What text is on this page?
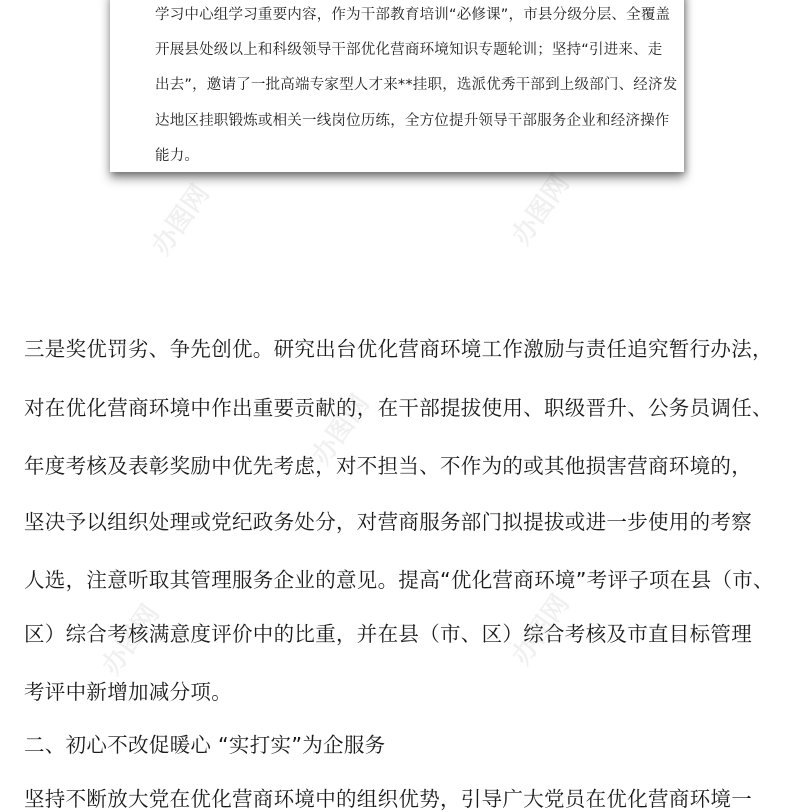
办图网	办图网
办图网
办图网	办图网
学习中心组学习重要内容，作为干部教育培训“必修课”，市县分级分层、全覆盖
开展县处级以上和科级领导干部优化营商环境知识专题轮训；坚持“引进来、走
出去”，邀请了一批高端专家型人才来**挂职，选派优秀干部到上级部门、经济发
达地区挂职锻炼或相关一线岗位历练，全方位提升领导干部服务企业和经济操作
能力。
三是奖优罚劣、争先创优。研究出台优化营商环境工作激励与责任追究暂行办法，
对在优化营商环境中作出重要贡献的，在干部提拔使用、职级晋升、公务员调任、
年度考核及表彰奖励中优先考虑，对不担当、不作为的或其他损害营商环境的，
坚决予以组织处理或党纪政务处分，对营商服务部门拟提拔或进一步使用的考察
人选，注意听取其管理服务企业的意见。提高“优化营商环境”考评子项在县（市、
区）综合考核满意度评价中的比重，并在县（市、区）综合考核及市直目标管理
考评中新增加减分项。
二、初心不改促暖心 “实打实”为企服务
坚持不断放大党在优化营商环境中的组织优势，引导广大党员在优化营商环境一
